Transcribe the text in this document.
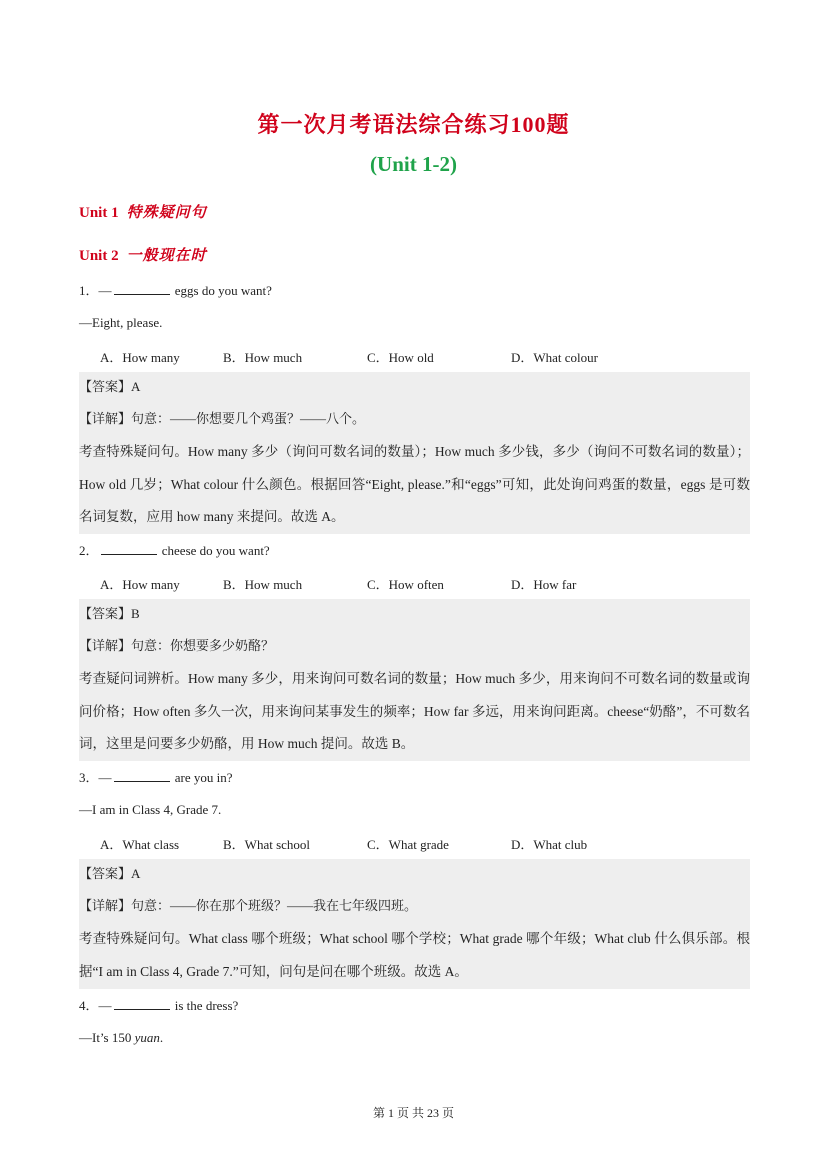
第一次月考语法综合练习100题
(Unit 1-2)
Unit 1 特殊疑问句
Unit 2 一般现在时
1．—	eggs do you want?
—Eight, please.
A．How many	B．How much	C．How old	D．What colour
【答案】A
【详解】句意：——你想要几个鸡蛋？——八个。
考查特殊疑问句。How many 多少（询问可数名词的数量）；How much 多少钱，多少（询问不可数名词的数量）；How old 几岁；What colour 什么颜色。根据回答“Eight, please.”和“eggs”可知，此处询问鸡蛋的数量，eggs 是可数名词复数，应用 how many 来提问。故选 A。
2．	cheese do you want?
A．How many	B．How much	C．How often	D．How far
【答案】B
【详解】句意：你想要多少奶酪？
考查疑问词辨析。How many 多少，用来询问可数名词的数量；How much 多少，用来询问不可数名词的数量或询问价格；How often 多久一次，用来询问某事发生的频率；How far 多远，用来询问距离。cheese“奶酪”，不可数名词，这里是问要多少奶酪，用 How much 提问。故选 B。
3．—	are you in?
—I am in Class 4, Grade 7.
A．What class	B．What school	C．What grade	D．What club
【答案】A
【详解】句意：——你在那个班级？——我在七年级四班。
考查特殊疑问句。What class 哪个班级；What school 哪个学校；What grade 哪个年级；What club 什么俱乐部。根据“I am in Class 4, Grade 7.”可知，问句是问在哪个班级。故选 A。
4．—	is the dress?
—It’s 150 yuan.
第 1 页 共 23 页
